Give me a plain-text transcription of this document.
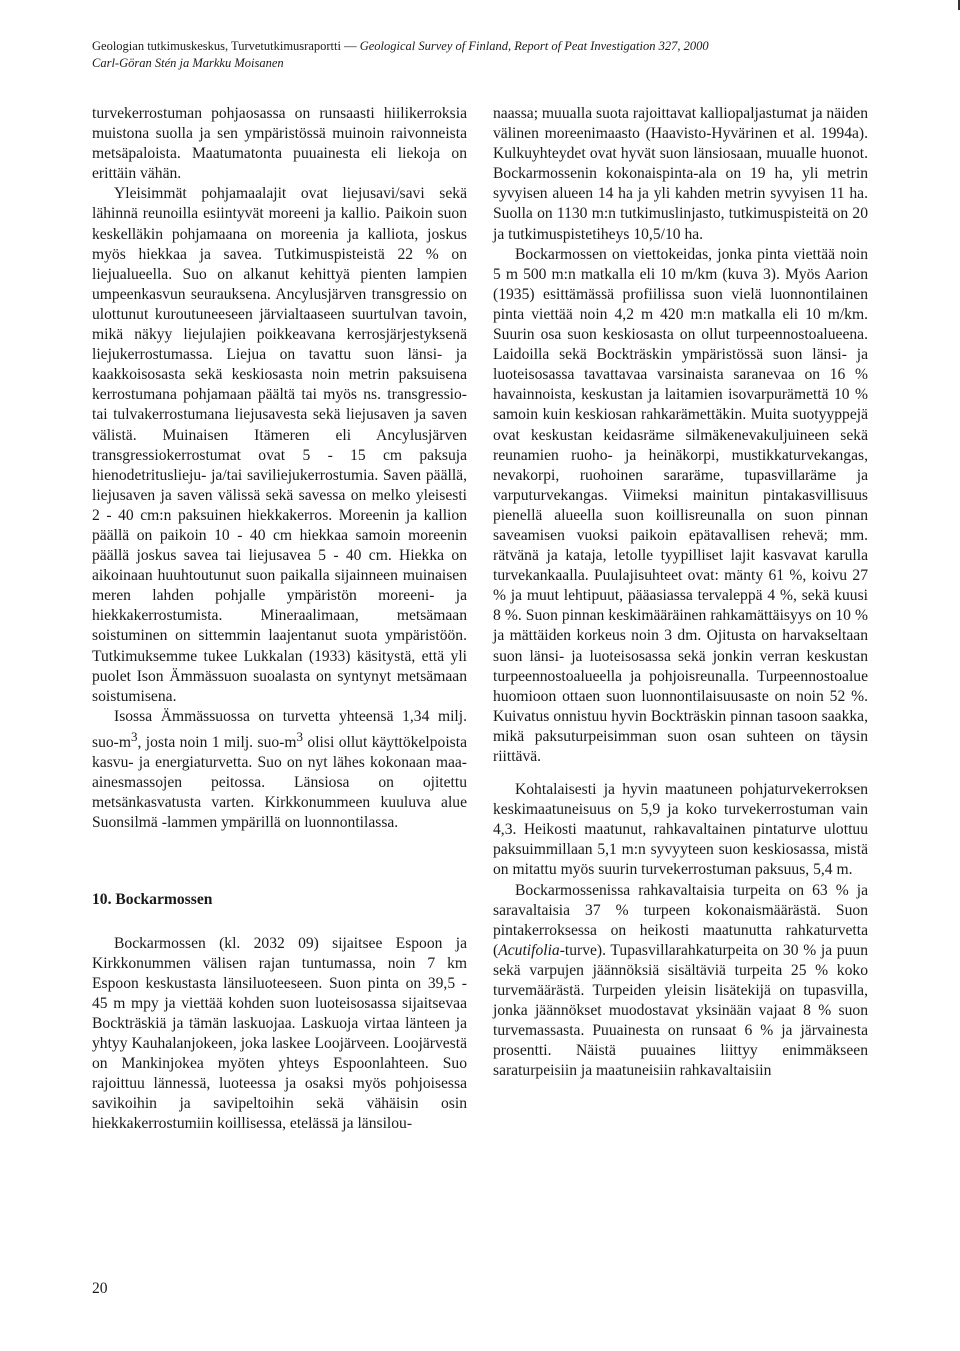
Geologian tutkimuskeskus, Turvetutkimusraportti — Geological Survey of Finland, Report of Peat Investigation 327, 2000
Carl-Göran Stén ja Markku Moisanen

turvekerrostuman pohjaosassa on runsaasti hiilikerroksia muistona suolla ja sen ympäristössä muinoin raivonneista metsäpaloista. Maatumatonta puuainesta eli liekoja on erittäin vähän.

Yleisimmät pohjamaalajit ovat liejusavi/savi sekä lähinnä reunoilla esiintyvät moreeni ja kallio. Paikoin suon keskelläkin pohjamaana on moreenia ja kalliota, joskus myös hiekkaa ja savea. Tutkimuspisteistä 22 % on liejualueella. Suo on alkanut kehittyä pienten lampien umpeenkasvun seurauksena. Ancylusjärven transgressio on ulottunut kuroutuneeseen järvialtaaseen suurtulvan tavoin, mikä näkyy liejulajien poikkeavana kerrosjärjestyksenä liejukerrostumassa. Liejua on tavattu suon länsi- ja kaakkoisosasta sekä keskiosasta noin metrin paksuisena kerrostumana pohjamaan päältä tai myös ns. transgressio- tai tulvakerrostumana liejusavesta sekä liejusaven ja saven välistä. Muinaisen Itämeren eli Ancylusjärven transgressiokerrostumat ovat 5 - 15 cm paksuja hienodetrituslieju- ja/tai saviliejukerrostumia. Saven päällä, liejusaven ja saven välissä sekä savessa on melko yleisesti 2 - 40 cm:n paksuinen hiekkakerros. Moreenin ja kallion päällä on paikoin 10 - 40 cm hiekkaa samoin moreenin päällä joskus savea tai liejusavea 5 - 40 cm. Hiekka on aikoinaan huuhtoutunut suon paikalla sijainneen muinaisen meren lahden pohjalle ympäristön moreeni- ja hiekkakerrostumista. Mineraalimaan, metsämaan soistuminen on sittemmin laajentanut suota ympäristöön. Tutkimuksemme tukee Lukkalan (1933) käsitystä, että yli puolet Ison Ämmässuon suoalasta on syntynyt metsämaan soistumisena.

Isossa Ämmässuossa on turvetta yhteensä 1,34 milj. suo-$m^3$, josta noin 1 milj. suo-$m^3$ olisi ollut käyttökelpoista kasvu- ja energiaturvetta. Suo on nyt lähes kokonaan maa-ainesmassojen peitossa. Länsiosa on ojitettu metsänkasvatusta varten. Kirkkonummeen kuuluva alue Suonsilmä -lammen ympärillä on luonnontilassa.

10. Bockarmossen

Bockarmossen (kl. 2032 09) sijaitsee Espoon ja Kirkkonummen välisen rajan tuntumassa, noin 7 km Espoon keskustasta länsiluoteeseen. Suon pinta on 39,5 - 45 m mpy ja viettää kohden suon luoteisosassa sijaitsevaa Bockträskiä ja tämän laskuojaa. Laskuoja virtaa länteen ja yhtyy Kauhalanjokeen, joka laskee Loojärveen. Loojärvestä on Mankinjokea myöten yhteys Espoonlahteen. Suo rajoittuu lännessä, luoteessa ja osaksi myös pohjoisessa savikoihin ja savipeltoihin sekä vähäisin osin hiekkakerrostumiin koillisessa, etelässä ja länsilou-

naassa; muualla suota rajoittavat kalliopaljastumat ja näiden välinen moreenimaasto (Haavisto-Hyvärinen et al. 1994a). Kulkuyhteydet ovat hyvät suon länsiosaan, muualle huonot. Bockarmossenin kokonaispinta-ala on 19 ha, yli metrin syvyisen alueen 14 ha ja yli kahden metrin syvyisen 11 ha. Suolla on 1130 m:n tutkimuslinjasto, tutkimuspisteitä on 20 ja tutkimuspistetiheys 10,5/10 ha.

Bockarmossen on viettokeidas, jonka pinta viettää noin 5 m 500 m:n matkalla eli 10 m/km (kuva 3). Myös Aarion (1935) esittämässä profiilissa suon vielä luonnontilainen pinta viettää noin 4,2 m 420 m:n matkalla eli 10 m/km. Suurin osa suon keskiosasta on ollut turpeennostoalueena. Laidoilla sekä Bockträskin ympäristössä suon länsi- ja luoteisosassa tavattavaa varsinaista saranevaa on 16 % havainnoista, keskustan ja laitamien isovarpurämettä 10 % samoin kuin keskiosan rahkarämettäkin. Muita suotyyppejä ovat keskustan keidasräme silmäkenevakuljuineen sekä reunamien ruoho- ja heinäkorpi, mustikkaturvekangas, nevakorpi, ruohoinen sararäme, tupasvillaräme ja varputurvekangas. Viimeksi mainitun pintakasvillisuus pienellä alueella suon koillisreunalla on suon pinnan saveamisen vuoksi paikoin epätavallisen rehevä; mm. rätvänä ja kataja, letolle tyypilliset lajit kasvavat karulla turvekankaalla. Puulajisuhteet ovat: mänty 61 %, koivu 27 % ja muut lehtipuut, pääasiassa tervaleppä 4 %, sekä kuusi 8 %. Suon pinnan keskimääräinen rahkamättäisyys on 10 % ja mättäiden korkeus noin 3 dm. Ojitusta on harvakseltaan suon länsi- ja luoteisosassa sekä jonkin verran keskustan turpeennostoalueella ja pohjoisreunalla. Turpeennostoalue huomioon ottaen suon luonnontilaisuusaste on noin 52 %. Kuivatus onnistuu hyvin Bockträskin pinnan tasoon saakka, mikä paksuturpeisimman suon osan suhteen on täysin riittävä.

Kohtalaisesti ja hyvin maatuneen pohjaturvekerroksen keskimaatuneisuus on 5,9 ja koko turvekerrostuman vain 4,3. Heikosti maatunut, rahkavaltainen pintaturve ulottuu paksuimmillaan 5,1 m:n syvyyteen suon keskiosassa, mistä on mitattu myös suurin turvekerrostuman paksuus, 5,4 m.

Bockarmossenissa rahkavaltaisia turpeita on 63 % ja saravaltaisia 37 % turpeen kokonaismäärästä. Suon pintakerroksessa on heikosti maatunutta rahkaturvetta (Acutifolia-turve). Tupasvillarahkaturpeita on 30 % ja puun sekä varpujen jäännöksiä sisältäviä turpeita 25 % koko turvemäärästä. Turpeiden yleisin lisätekijä on tupasvilla, jonka jäännökset muodostavat yksinään vajaat 8 % suon turvemassasta. Puuainesta on runsaat 6 % ja järvainesta prosentti. Näistä puuaines liittyy enimmäkseen saraturpeisiin ja maatuneisiin rahkavaltaisiin

20
